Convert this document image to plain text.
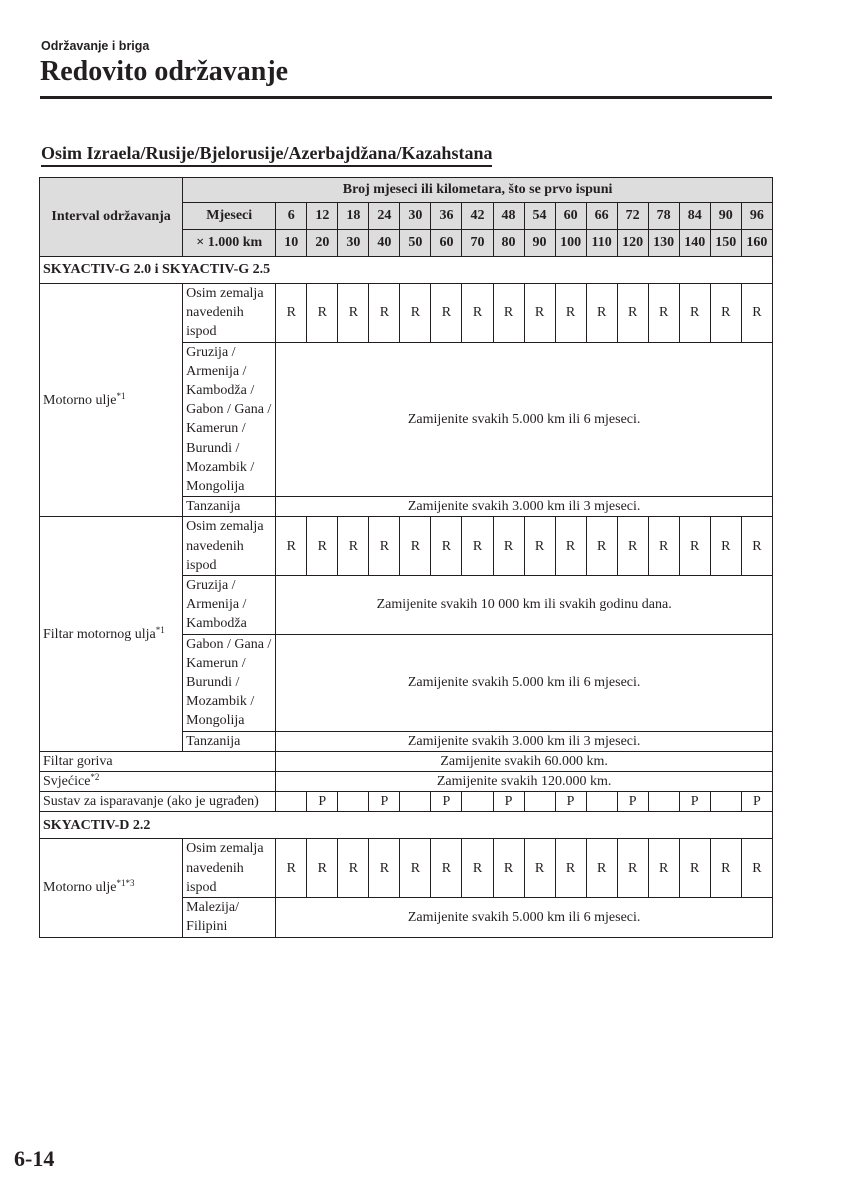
Održavanje i briga
Redovito održavanje
Osim Izraela/Rusije/Bjelorusije/Azerbajdžana/Kazahstana
Interval održavanja	Broj mjeseci ili kilometara, što se prvo ispuni																
	Mjeseci	6	12	18	24	30	36	42	48	54	60	66	72	78	84	90	96
	× 1.000 km	10	20	30	40	50	60	70	80	90	100	110	120	130	140	150	160
SKYACTIV-G 2.0 i SKYACTIV-G 2.5																	
Motorno ulje$^{*1}$	Osim zemalja navedenih ispod	R	R	R	R	R	R	R	R	R	R	R	R	R	R	R	R
	Gruzija / Armenija / Kambodža / Gabon / Gana / Kamerun / Burundi / Mozambik / Mongolija	Zamijenite svakih 5.000 km ili 6 mjeseci.															
	Tanzanija	Zamijenite svakih 3.000 km ili 3 mjeseci.															
Filtar motornog ulja$^{*1}$	Osim zemalja navedenih ispod	R	R	R	R	R	R	R	R	R	R	R	R	R	R	R	R
	Gruzija / Armenija / Kambodža	Zamijenite svakih 10 000 km ili svakih godinu dana.															
	Gabon / Gana / Kamerun / Burundi / Mozambik / Mongolija	Zamijenite svakih 5.000 km ili 6 mjeseci.															
	Tanzanija	Zamijenite svakih 3.000 km ili 3 mjeseci.															
Filtar goriva		Zamijenite svakih 60.000 km.															
Svjećice$^{*2}$		Zamijenite svakih 120.000 km.															
Sustav za isparavanje (ako je ugrađen)			P		P		P		P		P		P		P		P
SKYACTIV-D 2.2																	
Motorno ulje$^{*1*3}$	Osim zemalja navedenih ispod	R	R	R	R	R	R	R	R	R	R	R	R	R	R	R	R
	Malezija/ Filipini	Zamijenite svakih 5.000 km ili 6 mjeseci.															
6-14
